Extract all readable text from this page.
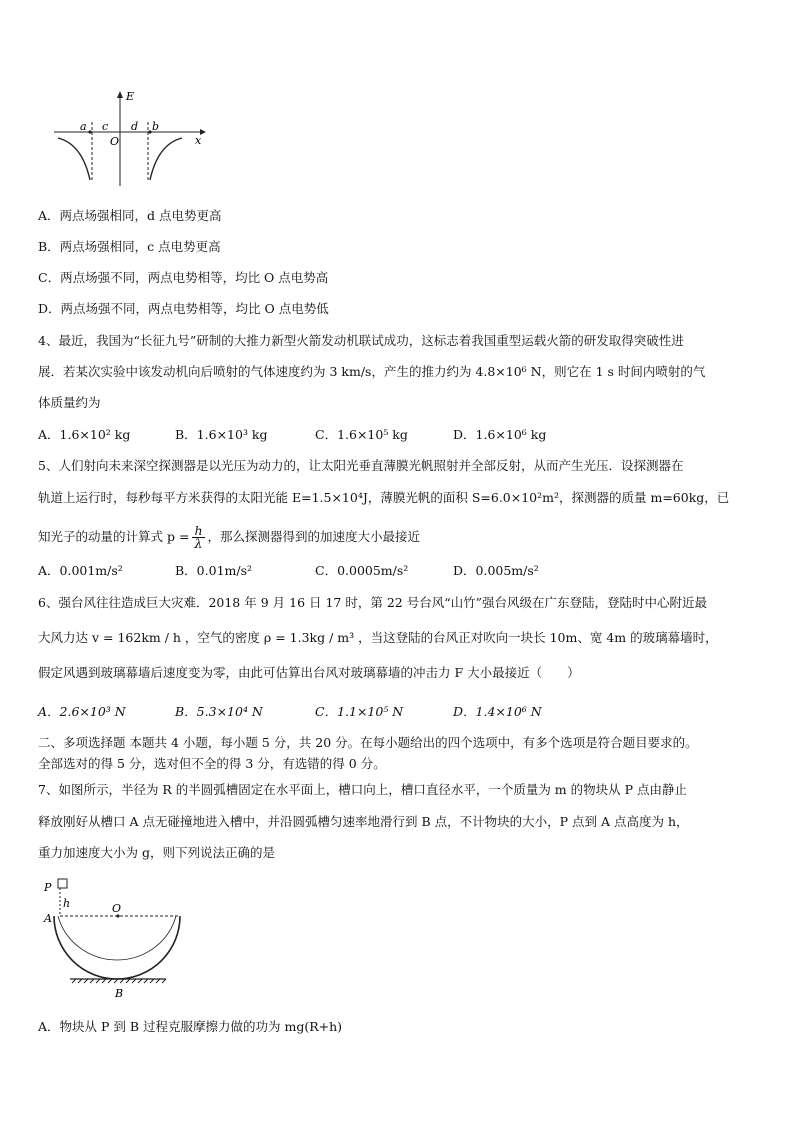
E
x
a c
O
d b
A．两点场强相同，d 点电势更高
B．两点场强相同，c 点电势更高
C．两点场强不同，两点电势相等，均比 O 点电势高
D．两点场强不同，两点电势相等，均比 O 点电势低
4、最近，我国为“长征九号”研制的大推力新型火箭发动机联试成功，这标志着我国重型运载火箭的研发取得突破性进
展．若某次实验中该发动机向后喷射的气体速度约为 3 km/s，产生的推力约为 4.8×10⁶ N，则它在 1 s 时间内喷射的气
体质量约为
A．1.6×10² kg	B．1.6×10³ kg	C．1.6×10⁵ kg	D．1.6×10⁶ kg
5、人们射向未来深空探测器是以光压为动力的，让太阳光垂直薄膜光帆照射并全部反射，从而产生光压．设探测器在
轨道上运行时，每秒每平方米获得的太阳光能 E=1.5×10⁴J，薄膜光帆的面积 S=6.0×10²m²，探测器的质量 m=60kg，已
知光子的动量的计算式 $p = \frac{h}{\lambda}$ ，那么探测器得到的加速度大小最接近
A．0.001m/s²	B．0.01m/s²	C．0.0005m/s²	D．0.005m/s²
6、强台风往往造成巨大灾难．2018 年 9 月 16 日 17 时，第 22 号台风“山竹”强台风级在广东登陆，登陆时中心附近最
大风力达 v = 162km / h ，空气的密度 ρ = 1.3kg / m³ ，当这登陆的台风正对吹向一块长 10m、宽 4m 的玻璃幕墙时，
假定风遇到玻璃幕墙后速度变为零，由此可估算出台风对玻璃幕墙的冲击力 F 大小最接近（　　）
A．2.6×10³ N	B．5.3×10⁴ N	C．1.1×10⁵ N	D．1.4×10⁶ N
二、多项选择题 本题共 4 小题，每小题 5 分，共 20 分。在每小题给出的四个选项中，有多个选项是符合题目要求的。
全部选对的得 5 分，选对但不全的得 3 分，有选错的得 0 分。
7、如图所示，半径为 R 的半圆弧槽固定在水平面上，槽口向上，槽口直径水平，一个质量为 m 的物块从 P 点由静止
释放刚好从槽口 A 点无碰撞地进入槽中，并沿圆弧槽匀速率地滑行到 B 点，不计物块的大小，P 点到 A 点高度为 h，
重力加速度大小为 g，则下列说法正确的是
P
h
A
O
B
A．物块从 P 到 B 过程克服摩擦力做的功为 mg(R+h)
